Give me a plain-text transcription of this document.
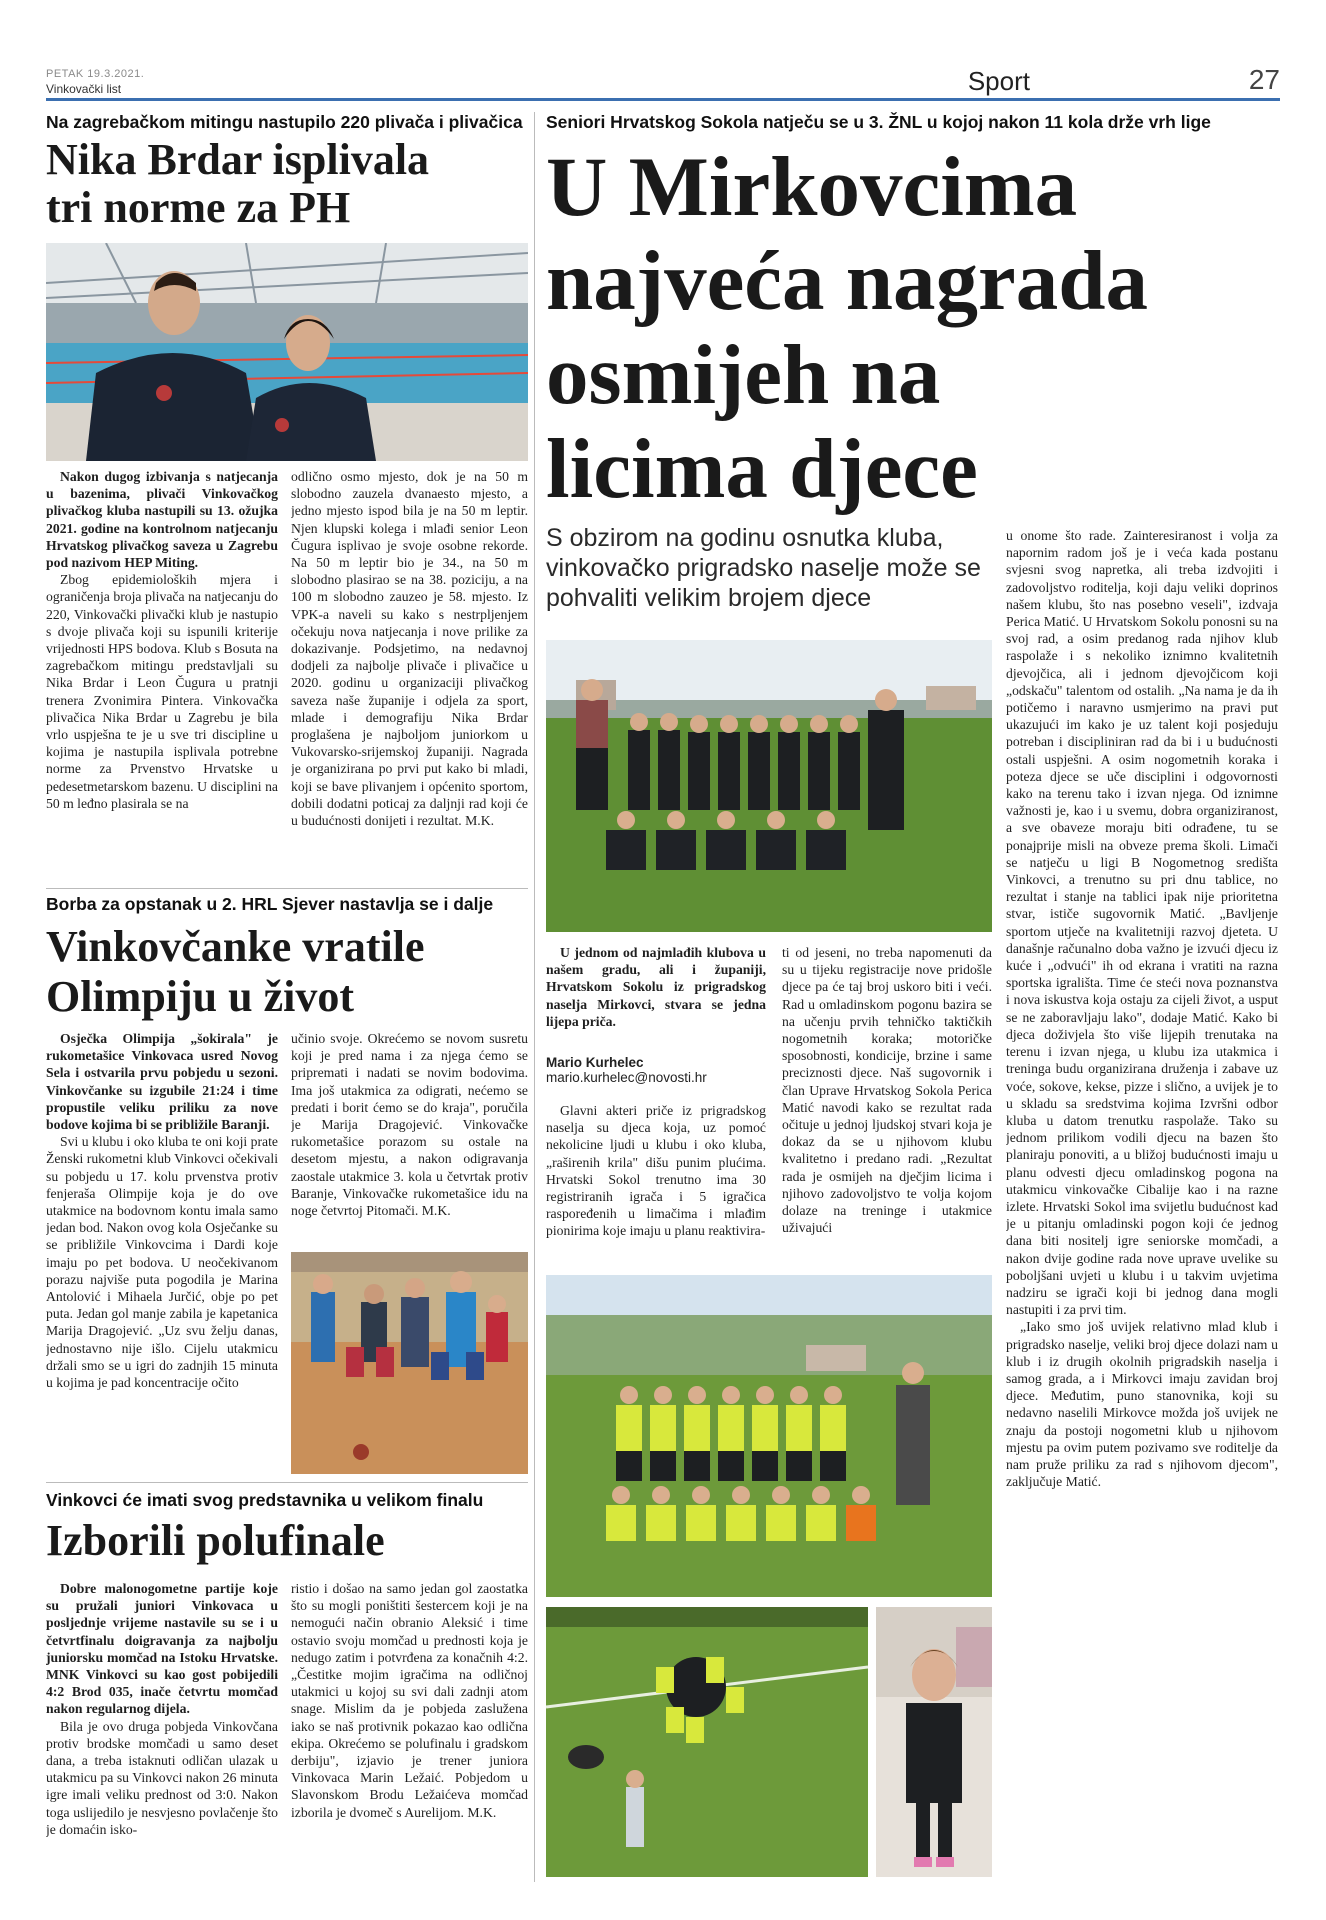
PETAK 19.3.2021.
Vinkovački list	Sport	27
Na zagrebačkom mitingu nastupilo 220 plivača i plivačica
Nika Brdar isplivala
tri norme za PH

Nakon dugog izbivanja s natjecanja u bazenima, plivači Vinkovačkog plivačkog kluba nastupili su 13. ožujka 2021. godine na kontrolnom natjecanju Hrvatskog plivačkog saveza u Zagrebu pod nazivom HEP Miting.

Zbog epidemioloških mjera i ograničenja broja plivača na natjecanju do 220, Vinkovački plivački klub je nastupio s dvoje plivača koji su ispunili kriterije vrijednosti HPS bodova. Klub s Bosuta na zagrebačkom mitingu predstavljali su Nika Brdar i Leon Čugura u pratnji trenera Zvonimira Pintera. Vinkovačka plivačica Nika Brdar u Zagrebu je bila vrlo uspješna te je u sve tri discipline u kojima je nastupila isplivala potrebne norme za Prvenstvo Hrvatske u pedesetmetarskom bazenu. U disciplini na 50 m leđno plasirala se na

odlično osmo mjesto, dok je na 50 m slobodno zauzela dvanaesto mjesto, a jedno mjesto ispod bila je na 50 m leptir. Njen klupski kolega i mlađi senior Leon Čugura isplivao je svoje osobne rekorde. Na 50 m leptir bio je 34., na 50 m slobodno plasirao se na 38. poziciju, a na 100 m slobodno zauzeo je 58. mjesto. Iz VPK-a naveli su kako s nestrpljenjem očekuju nova natjecanja i nove prilike za dokazivanje. Podsjetimo, na nedavnoj dodjeli za najbolje plivače i plivačice u 2020. godinu u organizaciji plivačkog saveza naše županije i odjela za sport, mlade i demografiju Nika Brdar proglašena je najboljom juniorkom u Vukovarsko-srijemskoj županiji. Nagrada je organizirana po prvi put kako bi mladi, koji se bave plivanjem i općenito sportom, dobili dodatni poticaj za daljnji rad koji će u budućnosti donijeti i rezultat. M.K.

Borba za opstanak u 2. HRL Sjever nastavlja se i dalje
Vinkovčanke vratile
Olimpiju u život

Osječka Olimpija „šokirala" je rukometašice Vinkovaca usred Novog Sela i ostvarila prvu pobjedu u sezoni. Vinkovčanke su izgubile 21:24 i time propustile veliku priliku za nove bodove kojima bi se približile Baranji.

Svi u klubu i oko kluba te oni koji prate Ženski rukometni klub Vinkovci očekivali su pobjedu u 17. kolu prvenstva protiv fenjeraša Olimpije koja je do ove utakmice na bodovnom kontu imala samo jedan bod. Nakon ovog kola Osječanke su se približile Vinkovcima i Dardi koje imaju po pet bodova. U neočekivanom porazu najviše puta pogodila je Marina Antolović i Mihaela Jurčić, obje po pet puta. Jedan gol manje zabila je kapetanica Marija Dragojević. „Uz svu želju danas, jednostavno nije išlo. Cijelu utakmicu držali smo se u igri do zadnjih 15 minuta u kojima je pad koncentracije očito

učinio svoje. Okrećemo se novom susretu koji je pred nama i za njega ćemo se pripremati i nadati se novim bodovima. Ima još utakmica za odigrati, nećemo se predati i borit ćemo se do kraja", poručila je Marija Dragojević. Vinkovačke rukometašice porazom su ostale na desetom mjestu, a nakon odigravanja zaostale utakmice 3. kola u četvrtak protiv Baranje, Vinkovačke rukometašice idu na noge četvrtoj Pitomači. M.K.

Vinkovci će imati svog predstavnika u velikom finalu
Izborili polufinale

Dobre malonogometne partije koje su pružali juniori Vinkovaca u posljednje vrijeme nastavile su se i u četvrtfinalu doigravanja za najbolju juniorsku momčad na Istoku Hrvatske. MNK Vinkovci su kao gost pobijedili 4:2 Brod 035, inače četvrtu momčad nakon regularnog dijela.

Bila je ovo druga pobjeda Vinkovčana protiv brodske momčadi u samo deset dana, a treba istaknuti odličan ulazak u utakmicu pa su Vinkovci nakon 26 minuta igre imali veliku prednost od 3:0. Nakon toga uslijedilo je nesvjesno povlačenje što je domaćin isko-

ristio i došao na samo jedan gol zaostatka što su mogli poništiti šestercem koji je na nemogući način obranio Aleksić i time ostavio svoju momčad u prednosti koja je nedugo zatim i potvrđena za konačnih 4:2. „Čestitke mojim igračima na odličnoj utakmici u kojoj su svi dali zadnji atom snage. Mislim da je pobjeda zaslužena iako se naš protivnik pokazao kao odlična ekipa. Okrećemo se polufinalu i gradskom derbiju", izjavio je trener juniora Vinkovaca Marin Ležaić. Pobjedom u Slavonskom Brodu Ležaićeva momčad izborila je dvomeč s Aurelijom. M.K.

Seniori Hrvatskog Sokola natječu se u 3. ŽNL u kojoj nakon 11 kola drže vrh lige
U Mirkovcima
najveća nagrada
osmijeh na
licima djece
S obzirom na godinu osnutka kluba, vinkovačko prigradsko naselje može se pohvaliti velikim brojem djece

U jednom od najmlađih klubova u našem gradu, ali i županiji, Hrvatskom Sokolu iz prigradskog naselja Mirkovci, stvara se jedna lijepa priča.

Mario Kurhelec
mario.kurhelec@novosti.hr

Glavni akteri priče iz prigradskog naselja su djeca koja, uz pomoć nekolicine ljudi u klubu i oko kluba, „raširenih krila" dišu punim plućima. Hrvatski Sokol trenutno ima 30 registriranih igrača i 5 igračica raspoređenih u limačima i mlađim pionirima koje imaju u planu reaktivira-

ti od jeseni, no treba napomenuti da su u tijeku registracije nove pridošle djece pa će taj broj uskoro biti i veći. Rad u omladinskom pogonu bazira se na učenju prvih tehničko taktičkih nogometnih koraka; motoričke sposobnosti, kondicije, brzine i same preciznosti djece. Naš sugovornik i član Uprave Hrvatskog Sokola Perica Matić navodi kako se rezultat rada očituje u jednoj ljudskoj stvari koja je dokaz da se u njihovom klubu kvalitetno i predano radi. „Rezultat rada je osmijeh na dječjim licima i njihovo zadovoljstvo te volja kojom dolaze na treninge i utakmice uživajući

u onome što rade. Zainteresiranost i volja za napornim radom još je i veća kada postanu svjesni svog napretka, ali treba izdvojiti i zadovoljstvo roditelja, koji daju veliki doprinos našem klubu, što nas posebno veseli", izdvaja Perica Matić. U Hrvatskom Sokolu ponosni su na svoj rad, a osim predanog rada njihov klub raspolaže i s nekoliko iznimno kvalitetnih djevojčica, ali i jednom djevojčicom koji „odskaču" talentom od ostalih. „Na nama je da ih potičemo i naravno usmjerimo na pravi put ukazujući im kako je uz talent koji posjeduju potreban i discipliniran rad da bi i u budućnosti ostali uspješni. A osim nogometnih koraka i poteza djece se uče disciplini i odgovornosti kako na terenu tako i izvan njega. Od iznimne važnosti je, kao i u svemu, dobra organiziranost, a sve obaveze moraju biti odrađene, tu se ponajprije misli na obveze prema školi. Limači se natječu u ligi B Nogometnog središta Vinkovci, a trenutno su pri dnu tablice, no rezultat i stanje na tablici ipak nije prioritetna stvar, ističe sugovornik Matić. „Bavljenje sportom utječe na kvalitetniji razvoj djeteta. U današnje računalno doba važno je izvući djecu iz kuće i „odvući" ih od ekrana i vratiti na razna sportska igrališta. Time će steći nova poznanstva i nova iskustva koja ostaju za cijeli život, a usput se ne zaboravljaju lako", dodaje Matić. Kako bi djeca doživjela što više lijepih trenutaka na terenu i izvan njega, u klubu iza utakmica i treninga budu organizirana druženja i zabave uz voće, sokove, kekse, pizze i slično, a uvijek je to u skladu sa sredstvima kojima Izvršni odbor kluba u datom trenutku raspolaže. Tako su jednom prilikom vodili djecu na bazen što planiraju ponoviti, a u bližoj budućnosti imaju u planu odvesti djecu omladinskog pogona na utakmicu vinkovačke Cibalije kao i na razne izlete. Hrvatski Sokol ima svijetlu budućnost kad je u pitanju omladinski pogon koji će jednog dana biti nositelj igre seniorske momčadi, a nakon dvije godine rada nove uprave uvelike su poboljšani uvjeti u klubu i u takvim uvjetima nadziru se igrači koji bi jednog dana mogli nastupiti i za prvi tim.

„Iako smo još uvijek relativno mlad klub i prigradsko naselje, veliki broj djece dolazi nam u klub i iz drugih okolnih prigradskih naselja i samog grada, a i Mirkovci imaju zavidan broj djece. Međutim, puno stanovnika, koji su nedavno naselili Mirkovce možda još uvijek ne znaju da postoji nogometni klub u njihovom mjestu pa ovim putem pozivamo sve roditelje da nam pruže priliku za rad s njihovom djecom", zaključuje Matić.
